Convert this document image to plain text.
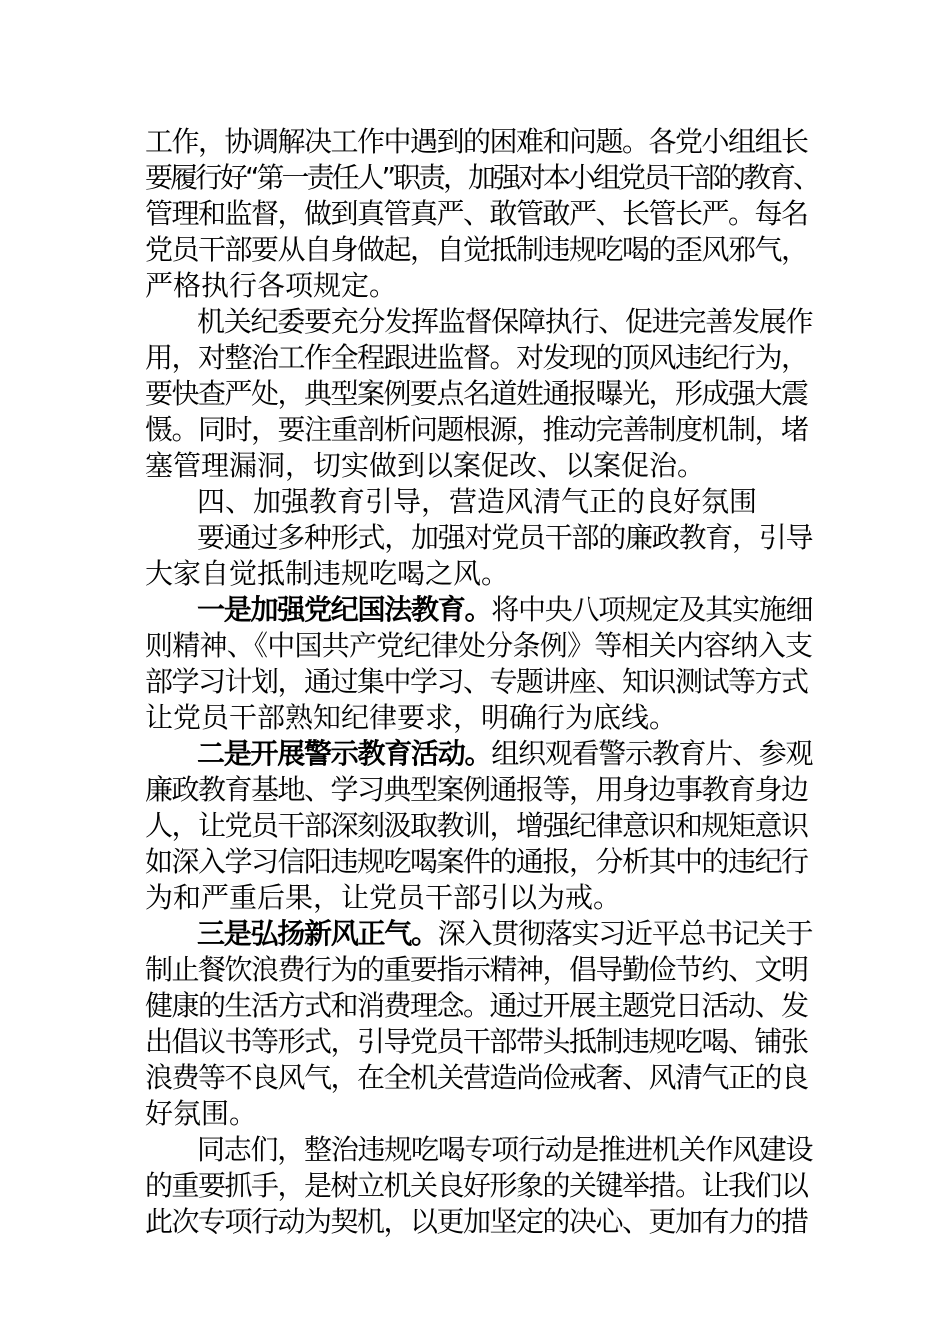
工作，协调解决工作中遇到的困难和问题。各党小组组长
要履行好“第一责任人”职责，加强对本小组党员干部的教育、
管理和监督，做到真管真严、敢管敢严、长管长严。每名
党员干部要从自身做起，自觉抵制违规吃喝的歪风邪气，
严格执行各项规定。
机关纪委要充分发挥监督保障执行、促进完善发展作
用，对整治工作全程跟进监督。对发现的顶风违纪行为，
要快查严处，典型案例要点名道姓通报曝光，形成强大震
慑。同时，要注重剖析问题根源，推动完善制度机制，堵
塞管理漏洞，切实做到以案促改、以案促治。
四、加强教育引导，营造风清气正的良好氛围
要通过多种形式，加强对党员干部的廉政教育，引导
大家自觉抵制违规吃喝之风。
一是加强党纪国法教育。将中央八项规定及其实施细
则精神、《中国共产党纪律处分条例》等相关内容纳入支
部学习计划，通过集中学习、专题讲座、知识测试等方式
让党员干部熟知纪律要求，明确行为底线。
二是开展警示教育活动。组织观看警示教育片、参观
廉政教育基地、学习典型案例通报等，用身边事教育身边
人，让党员干部深刻汲取教训，增强纪律意识和规矩意识
如深入学习信阳违规吃喝案件的通报，分析其中的违纪行
为和严重后果，让党员干部引以为戒。
三是弘扬新风正气。深入贯彻落实习近平总书记关于
制止餐饮浪费行为的重要指示精神，倡导勤俭节约、文明
健康的生活方式和消费理念。通过开展主题党日活动、发
出倡议书等形式，引导党员干部带头抵制违规吃喝、铺张
浪费等不良风气，在全机关营造尚俭戒奢、风清气正的良
好氛围。
同志们，整治违规吃喝专项行动是推进机关作风建设
的重要抓手，是树立机关良好形象的关键举措。让我们以
此次专项行动为契机，以更加坚定的决心、更加有力的措
